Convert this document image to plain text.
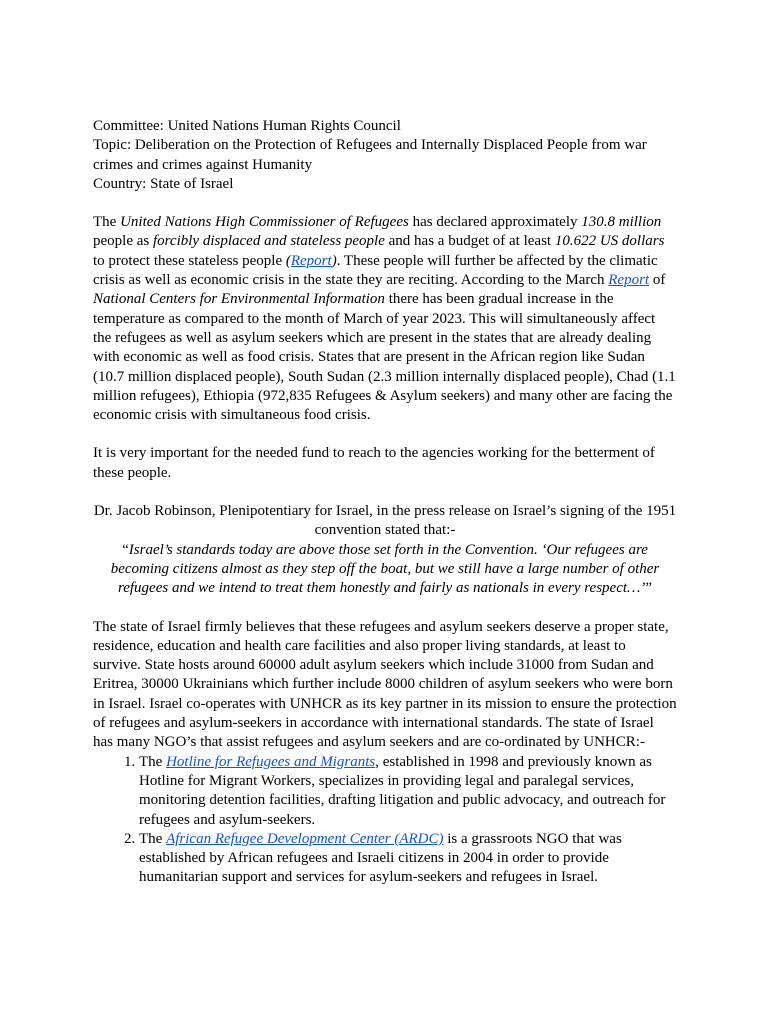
Committee: United Nations Human Rights Council

Topic: Deliberation on the Protection of Refugees and Internally Displaced People from war crimes and crimes against Humanity

Country: State of Israel

The United Nations High Commissioner of Refugees has declared approximately 130.8 million people as forcibly displaced and stateless people and has a budget of at least 10.622 US dollars to protect these stateless people (Report). These people will further be affected by the climatic crisis as well as economic crisis in the state they are reciting. According to the March Report of National Centers for Environmental Information there has been gradual increase in the temperature as compared to the month of March of year 2023. This will simultaneously affect the refugees as well as asylum seekers which are present in the states that are already dealing with economic as well as food crisis. States that are present in the African region like Sudan (10.7 million displaced people), South Sudan (2.3 million internally displaced people), Chad (1.1 million refugees), Ethiopia (972,835 Refugees & Asylum seekers) and many other are facing the economic crisis with simultaneous food crisis.

It is very important for the needed fund to reach to the agencies working for the betterment of these people.

Dr. Jacob Robinson, Plenipotentiary for Israel, in the press release on Israel’s signing of the 1951 convention stated that:-

“Israel’s standards today are above those set forth in the Convention. ‘Our refugees are becoming citizens almost as they step off the boat, but we still have a large number of other refugees and we intend to treat them honestly and fairly as nationals in every respect…’”

The state of Israel firmly believes that these refugees and asylum seekers deserve a proper state, residence, education and health care facilities and also proper living standards, at least to survive. State hosts around 60000 adult asylum seekers which include 31000 from Sudan and Eritrea, 30000 Ukrainians which further include 8000 children of asylum seekers who were born in Israel. Israel co-operates with UNHCR as its key partner in its mission to ensure the protection of refugees and asylum-seekers in accordance with international standards. The state of Israel has many NGO’s that assist refugees and asylum seekers and are co-ordinated by UNHCR:-

1. The Hotline for Refugees and Migrants, established in 1998 and previously known as Hotline for Migrant Workers, specializes in providing legal and paralegal services, monitoring detention facilities, drafting litigation and public advocacy, and outreach for refugees and asylum-seekers.
2. The African Refugee Development Center (ARDC) is a grassroots NGO that was established by African refugees and Israeli citizens in 2004 in order to provide humanitarian support and services for asylum-seekers and refugees in Israel.
